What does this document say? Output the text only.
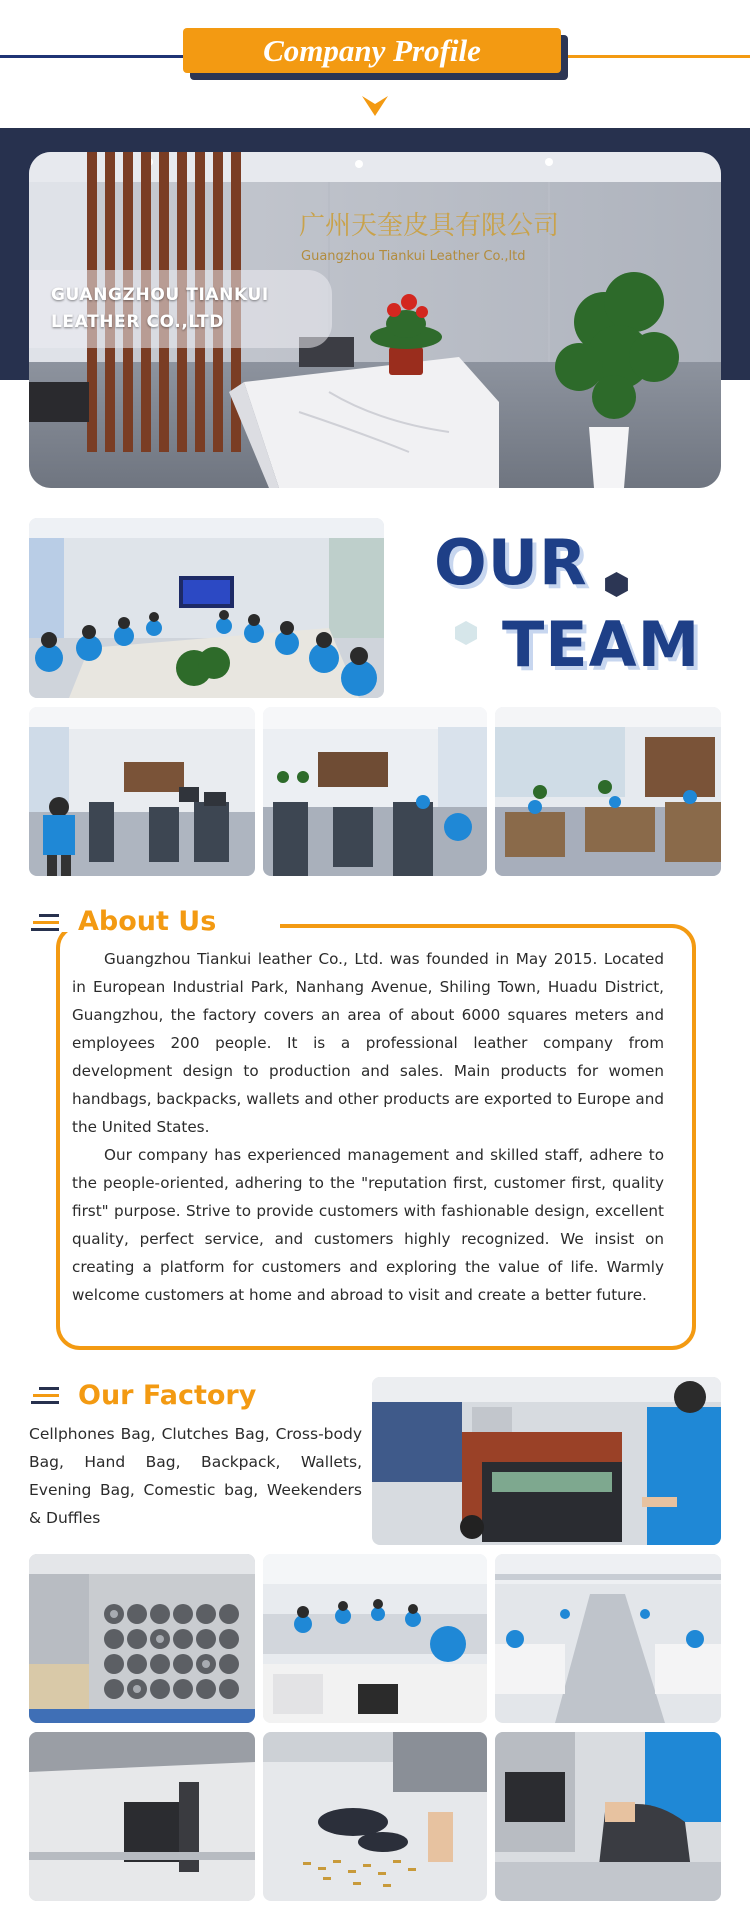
Company Profile
广州天奎皮具有限公司
Guangzhou Tiankui Leather Co.,ltd
GUANGZHOU TIANKUI
LEATHER CO.,LTD
OUR
TEAM
About Us

Guangzhou Tiankui leather Co., Ltd. was founded in May 2015. Located in European Industrial Park, Nanhang Avenue, Shiling Town, Huadu District, Guangzhou, the factory covers an area of about 6000 squares meters and employees 200 people. It is a professional leather company from development design to production and sales. Main products for women handbags, backpacks, wallets and other products are exported to Europe and the United States.

Our company has experienced management and skilled staff, adhere to the people-oriented, adhering to the "reputation first, customer first, quality first" purpose. Strive to provide customers with fashionable design, excellent quality, perfect service, and customers highly recognized. We insist on creating a platform for customers and exploring the value of life. Warmly welcome customers at home and abroad to visit and create a better future.

Our Factory
Cellphones Bag, Clutches Bag, Cross-body Bag, Hand Bag, Backpack, Wallets, Evening Bag, Comestic bag, Weekenders & Duffles
